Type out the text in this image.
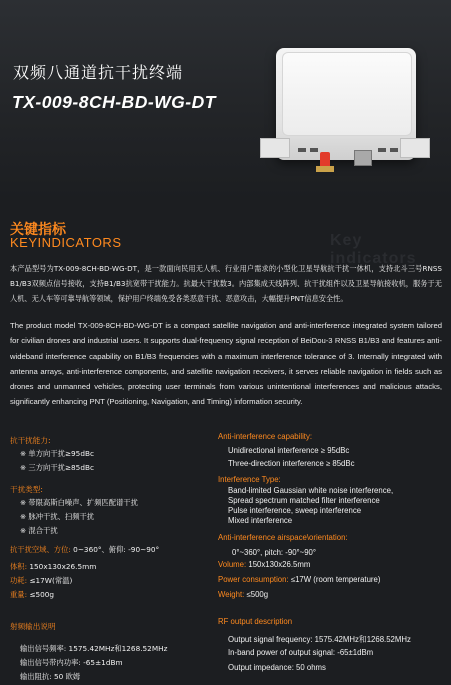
双频八通道抗干扰终端
TX-009-8CH-BD-WG-DT
关键指标
KEYINDICATORS	Key indicators
本产品型号为TX-009-8CH-BD-WG-DT，是一款面向民用无人机、行业用户需求的小型化卫星导航抗干扰一体机，支持北斗三号RNSS B1/B3双频点信号接收，支持B1/B3抗宽带干扰能力。抗最大干扰数3。内部集成天线阵列、抗干扰组件以及卫星导航接收机，服务于无人机、无人车等可靠导航等领域，保护用户终端免受各类恶意干扰、恶意攻击，大幅提升PNT信息安全性。
The product model TX-009-8CH-BD-WG-DT is a compact satellite navigation and anti-interference integrated system tailored for civilian drones and industrial users. It supports dual-frequency signal reception of BeiDou-3 RNSS B1/B3 and features anti-wideband interference capability on B1/B3 frequencies with a maximum interference tolerance of 3. Internally integrated with antenna arrays, anti-interference components, and satellite navigation receivers, it serves reliable navigation in fields such as drones and unmanned vehicles, protecting user terminals from various unintentional interferences and malicious attacks, significantly enhancing PNT (Positioning, Navigation, and Timing) information security.
抗干扰能力:
※ 单方向干扰≥95dBc
※ 三方向干扰≥85dBc
干扰类型:
※ 带限高斯白噪声、扩频匹配谱干扰
※ 脉冲干扰、扫频干扰
※ 混合干扰
抗干扰空域、方位: 0~360°、俯仰: -90~90°
体积: 150x130x26.5mm
功耗: ≤17W(常温)
重量: ≤500g
射频输出说明
输出信号频率: 1575.42MHz和1268.52MHz
输出信号带内功率: -65±1dBm
输出阻抗: 50 欧姆
Anti-interference capability:
Unidirectional interference ≥ 95dBc
Three-direction interference ≥ 85dBc
Interference Type:
Band-limited Gaussian white noise interference,
Spread spectrum matched filter interference
Pulse interference, sweep interference
Mixed interference
Anti-interference airspace\orientation:
0°~360°, pitch: -90°~90°
Volume: 150x130x26.5mm
Power consumption: ≤17W (room temperature)
Weight: ≤500g
RF output description
Output signal frequency: 1575.42MHz和1268.52MHz
In-band power of output signal: -65±1dBm
Output impedance: 50 ohms
